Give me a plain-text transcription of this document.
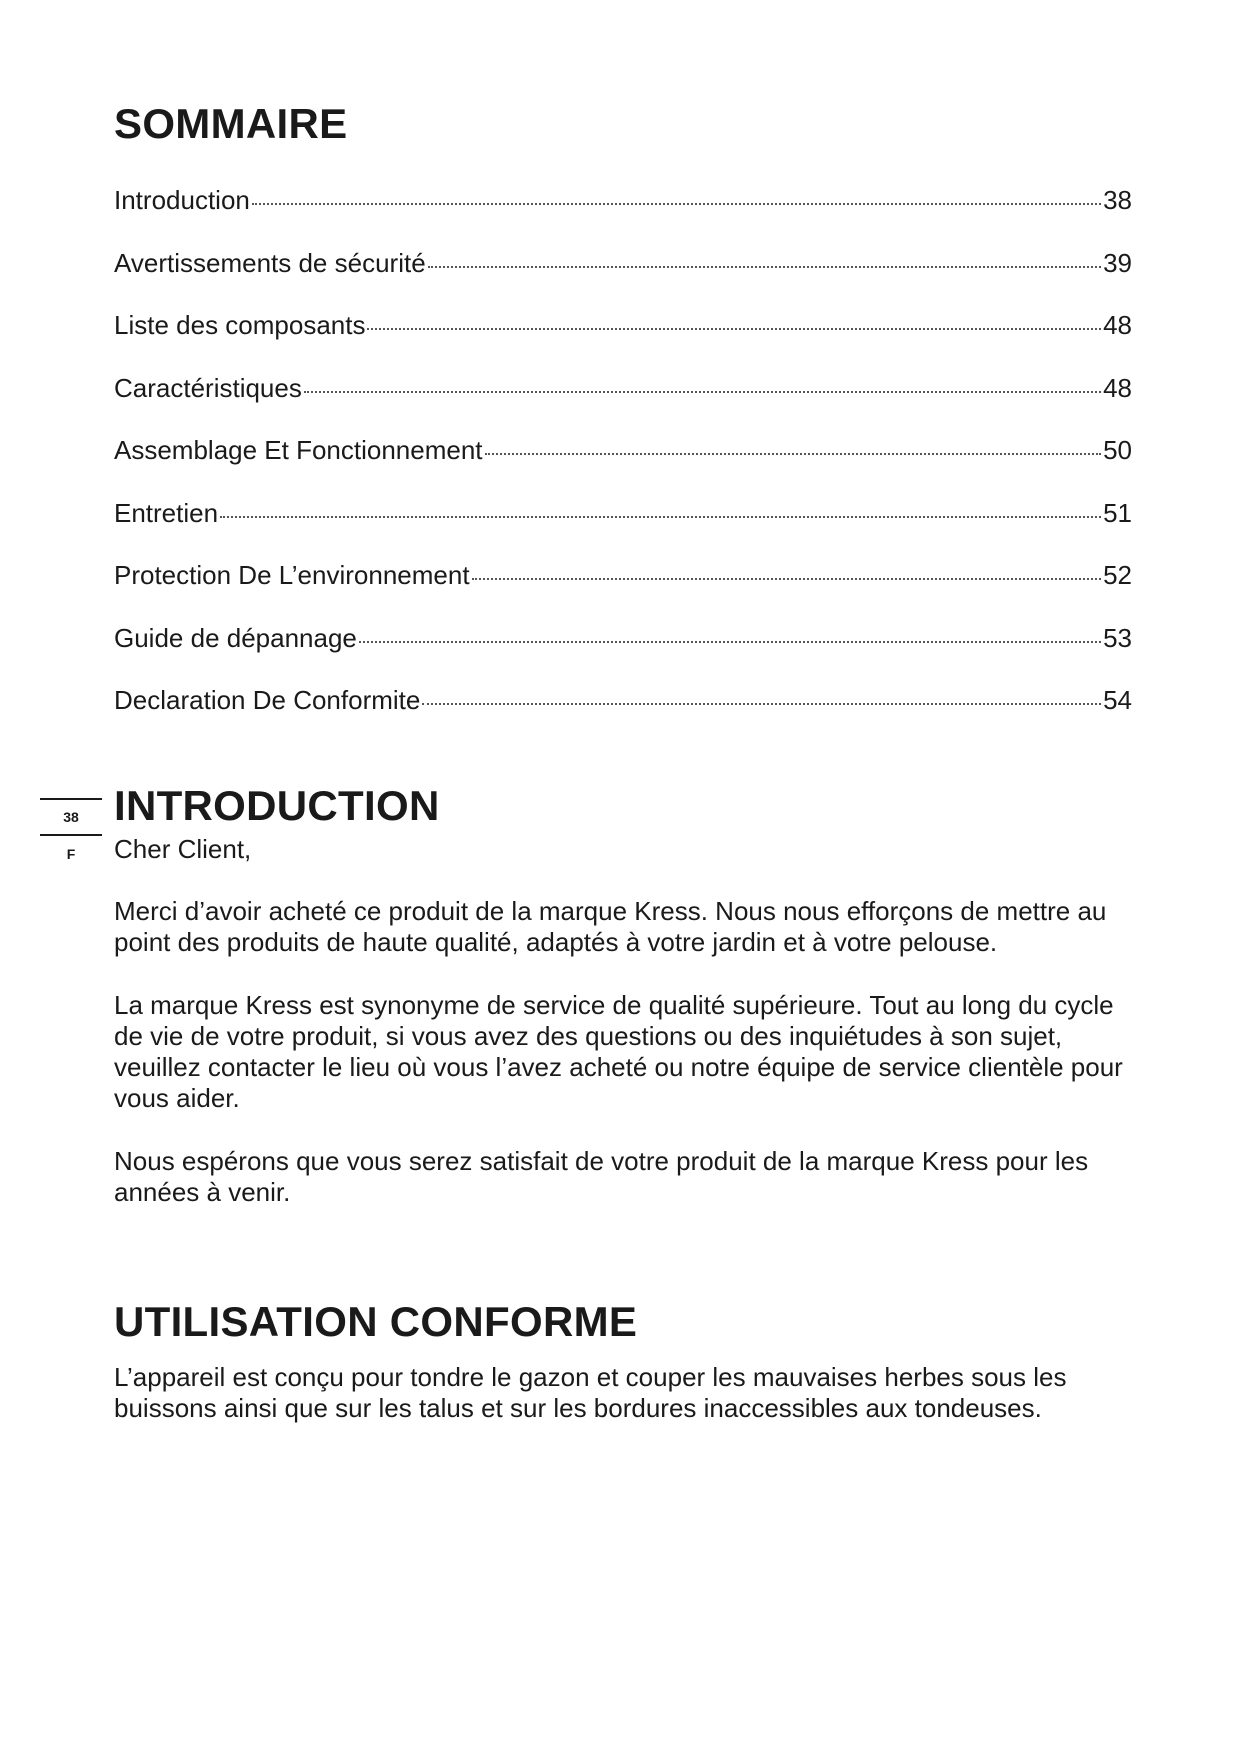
SOMMAIRE
Introduction	38
Avertissements de sécurité	39
Liste des composants	48
Caractéristiques	48
Assemblage Et Fonctionnement	50
Entretien	51
Protection De L’environnement	52
Guide de dépannage	53
Declaration De Conformite	54
38
F
INTRODUCTION

Cher Client,

Merci d’avoir acheté ce produit de la marque Kress. Nous nous efforçons de mettre au point des produits de haute qualité, adaptés à votre jardin et à votre pelouse.

La marque Kress est synonyme de service de qualité supérieure. Tout au long du cycle de vie de votre produit, si vous avez des questions ou des inquiétudes à son sujet, veuillez contacter le lieu où vous l’avez acheté ou notre équipe de service clientèle pour vous aider.

Nous espérons que vous serez satisfait de votre produit de la marque Kress pour les années à venir.

UTILISATION CONFORME

L’appareil est conçu pour tondre le gazon et couper les mauvaises herbes sous les buissons ainsi que sur les talus et sur les bordures inaccessibles aux tondeuses.
